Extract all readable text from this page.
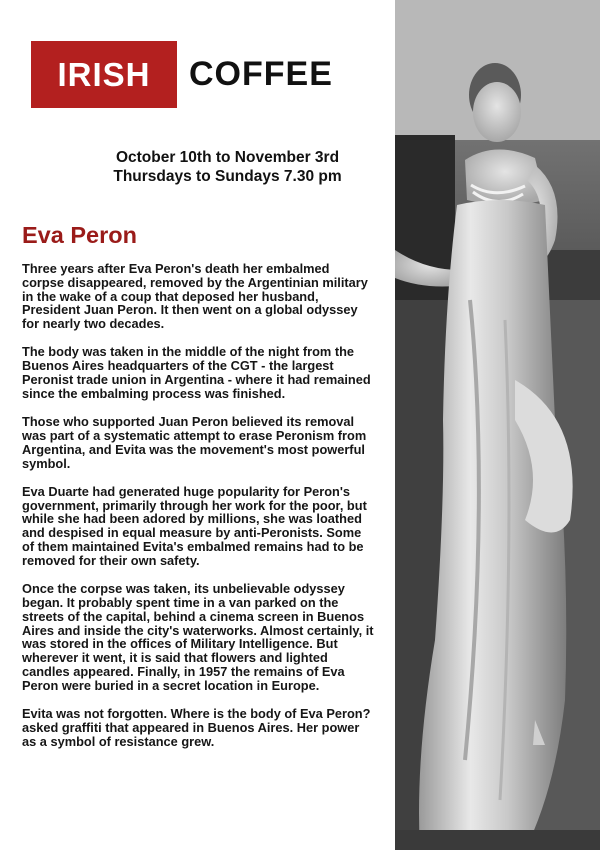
IRISH	COFFEE
October 10th to November 3rd
Thursdays to Sundays 7.30 pm
Eva Peron

Three years after Eva Peron's death her embalmed corpse disappeared, removed by the Argentinian military in the wake of a coup that deposed her husband, President Juan Peron. It then went on a global odyssey for nearly two decades.

The body was taken in the middle of the night from the Buenos Aires headquarters of the CGT - the largest Peronist trade union in Argentina - where it had remained since the embalming process was finished.

Those who supported Juan Peron believed its removal was part of a systematic attempt to erase Peronism from Argentina, and Evita was the movement's most powerful symbol.

Eva Duarte had generated huge popularity for Peron's government, primarily through her work for the poor, but while she had been adored by millions, she was loathed and despised in equal measure by anti-Peronists. Some of them maintained Evita's embalmed remains had to be removed for their own safety.

Once the corpse was taken, its unbelievable odyssey began. It probably spent time in a van parked on the streets of the capital, behind a cinema screen in Buenos Aires and inside the city's waterworks. Almost certainly, it was stored in the offices of Military Intelligence. But wherever it went, it is said that flowers and lighted candles appeared. Finally, in 1957 the remains of Eva Peron were buried in a secret location in Europe.

Evita was not forgotten. Where is the body of Eva Peron? asked graffiti that appeared in Buenos Aires. Her power as a symbol of resistance grew.
